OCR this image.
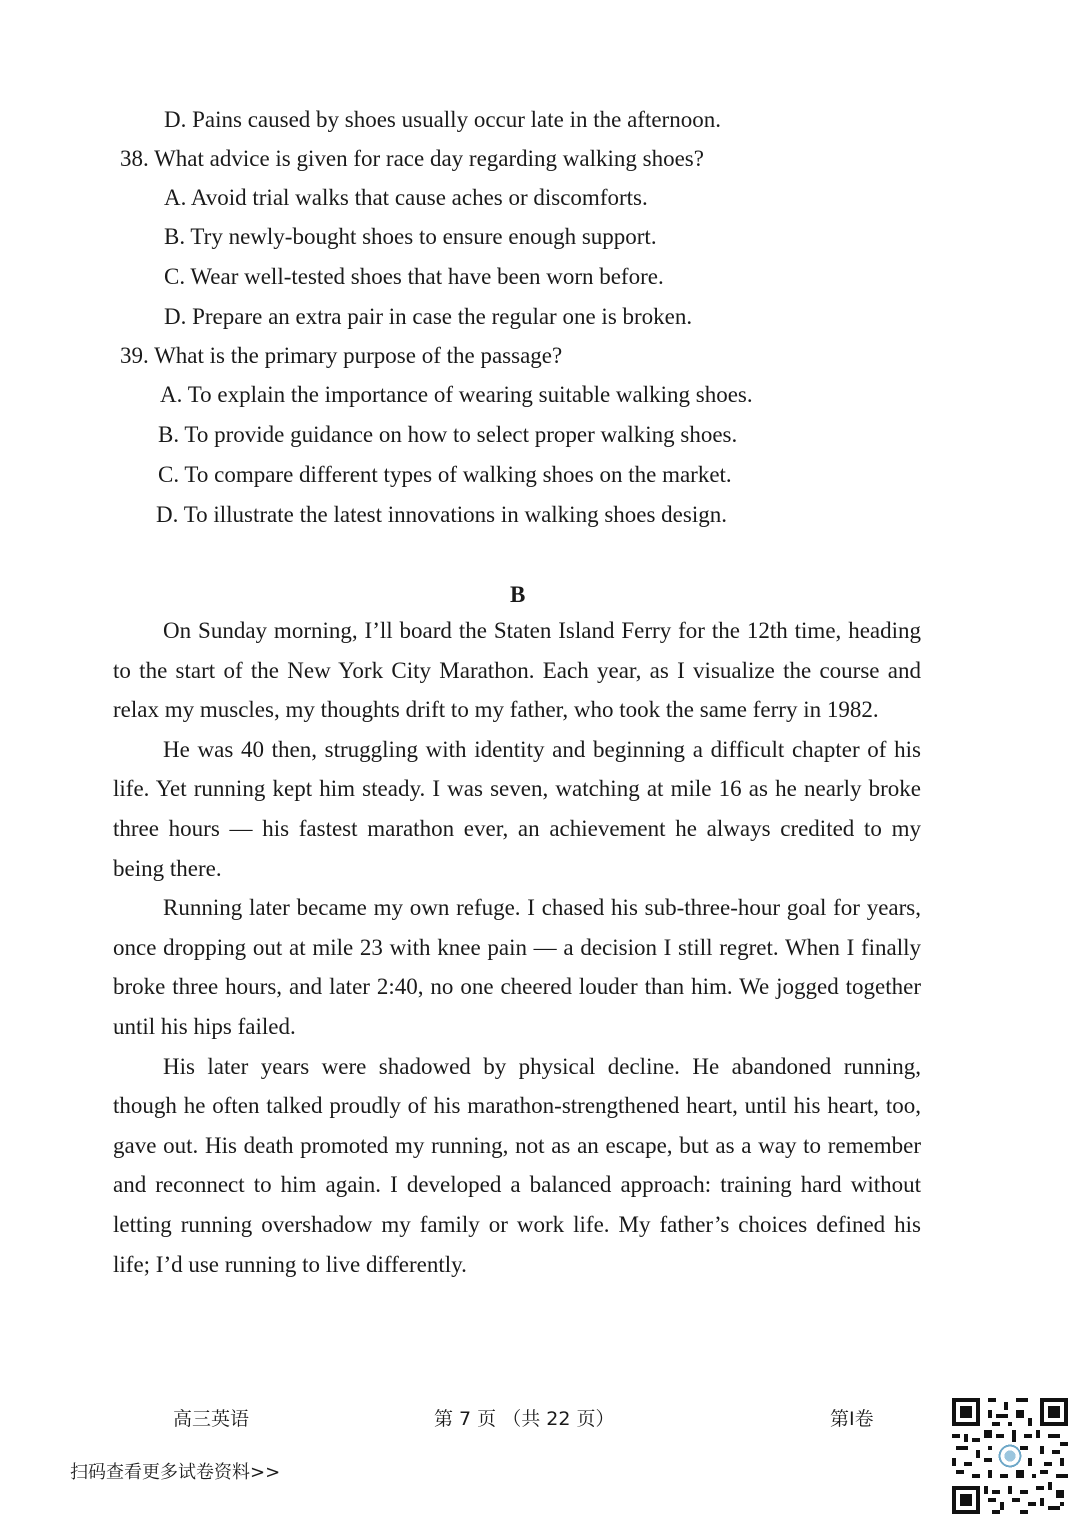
D. Pains caused by shoes usually occur late in the afternoon.
38. What advice is given for race day regarding walking shoes?
A. Avoid trial walks that cause aches or discomforts.
B. Try newly-bought shoes to ensure enough support.
C. Wear well-tested shoes that have been worn before.
D. Prepare an extra pair in case the regular one is broken.
39. What is the primary purpose of the passage?
A. To explain the importance of wearing suitable walking shoes.
B. To provide guidance on how to select proper walking shoes.
C. To compare different types of walking shoes on the market.
D. To illustrate the latest innovations in walking shoes design.
B

On Sunday morning, I’ll board the Staten Island Ferry for the 12th time, heading to the start of the New York City Marathon. Each year, as I visualize the course and relax my muscles, my thoughts drift to my father, who took the same ferry in 1982.

He was 40 then, struggling with identity and beginning a difficult chapter of his life. Yet running kept him steady. I was seven, watching at mile 16 as he nearly broke three hours — his fastest marathon ever, an achievement he always credited to my being there.

Running later became my own refuge. I chased his sub-three-hour goal for years, once dropping out at mile 23 with knee pain — a decision I still regret. When I finally broke three hours, and later 2:40, no one cheered louder than him. We jogged together until his hips failed.

His later years were shadowed by physical decline. He abandoned running, though he often talked proudly of his marathon-strengthened heart, until his heart, too, gave out. His death promoted my running, not as an escape, but as a way to remember and reconnect to him again. I developed a balanced approach: training hard without letting running overshadow my family or work life. My father’s choices defined his life; I’d use running to live differently.

高三英语	第 7 页 （共 22 页）	第Ⅰ卷
扫码查看更多试卷资料>>
